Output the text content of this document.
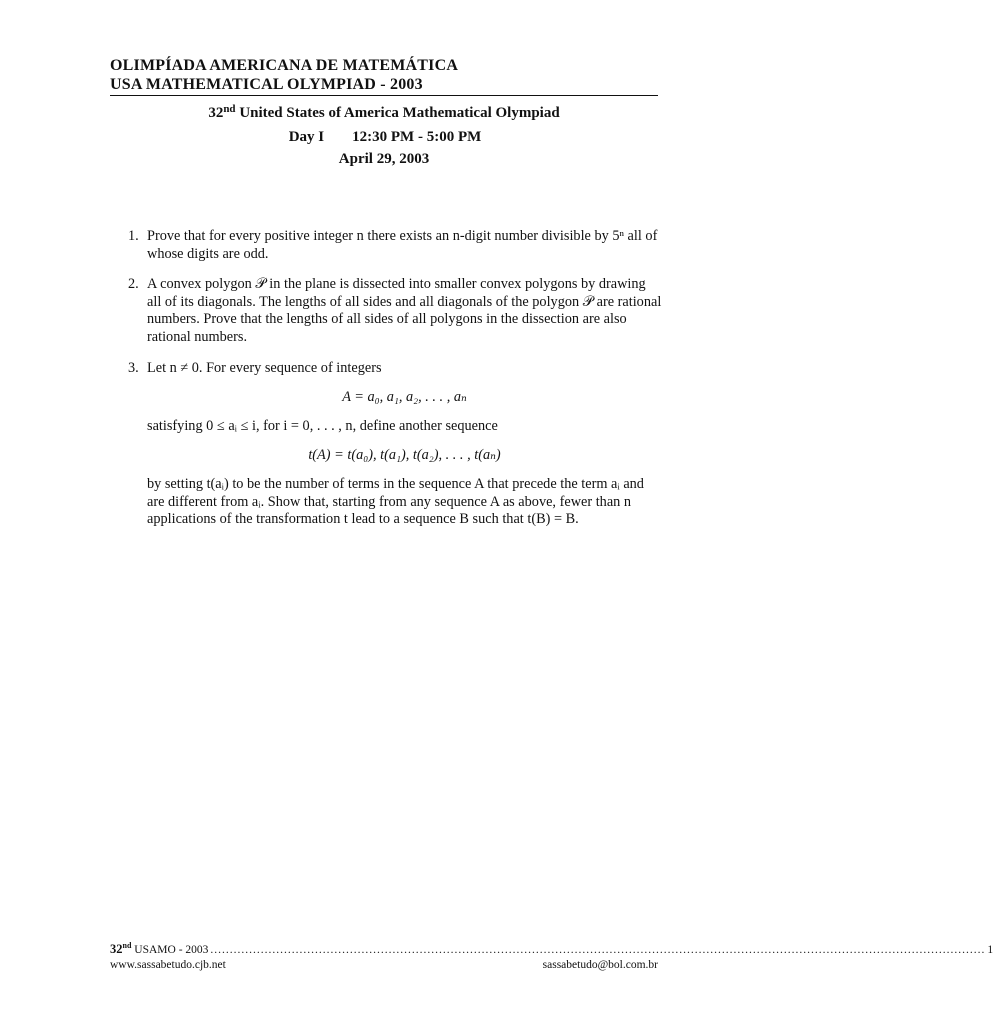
OLIMPÍADA AMERICANA DE MATEMÁTICA
USA MATHEMATICAL OLYMPIAD - 2003
32nd United States of America Mathematical Olympiad
Day I 12:30 PM - 5:00 PM
April 29, 2003
1. Prove that for every positive integer n there exists an n-digit number divisible by 5ⁿ all of whose digits are odd.

2. A convex polygon 𝒫 in the plane is dissected into smaller convex polygons by drawing all of its diagonals. The lengths of all sides and all diagonals of the polygon 𝒫 are rational numbers. Prove that the lengths of all sides of all polygons in the dissection are also rational numbers.

3. Let n ≠ 0. For every sequence of integers

A = a₀, a₁, a₂, . . . , aₙ

satisfying 0 ≤ aᵢ ≤ i, for i = 0, . . . , n, define another sequence

t(A) = t(a₀), t(a₁), t(a₂), . . . , t(aₙ)

by setting t(aᵢ) to be the number of terms in the sequence A that precede the term aᵢ and are different from aᵢ. Show that, starting from any sequence A as above, fewer than n applications of the transformation t lead to a sequence B such that t(B) = B.

32nd USAMO - 2003 ........................................................................................................................................................................................................ 1
www.sassabetudo.cjb.net	sassabetudo@bol.com.br
